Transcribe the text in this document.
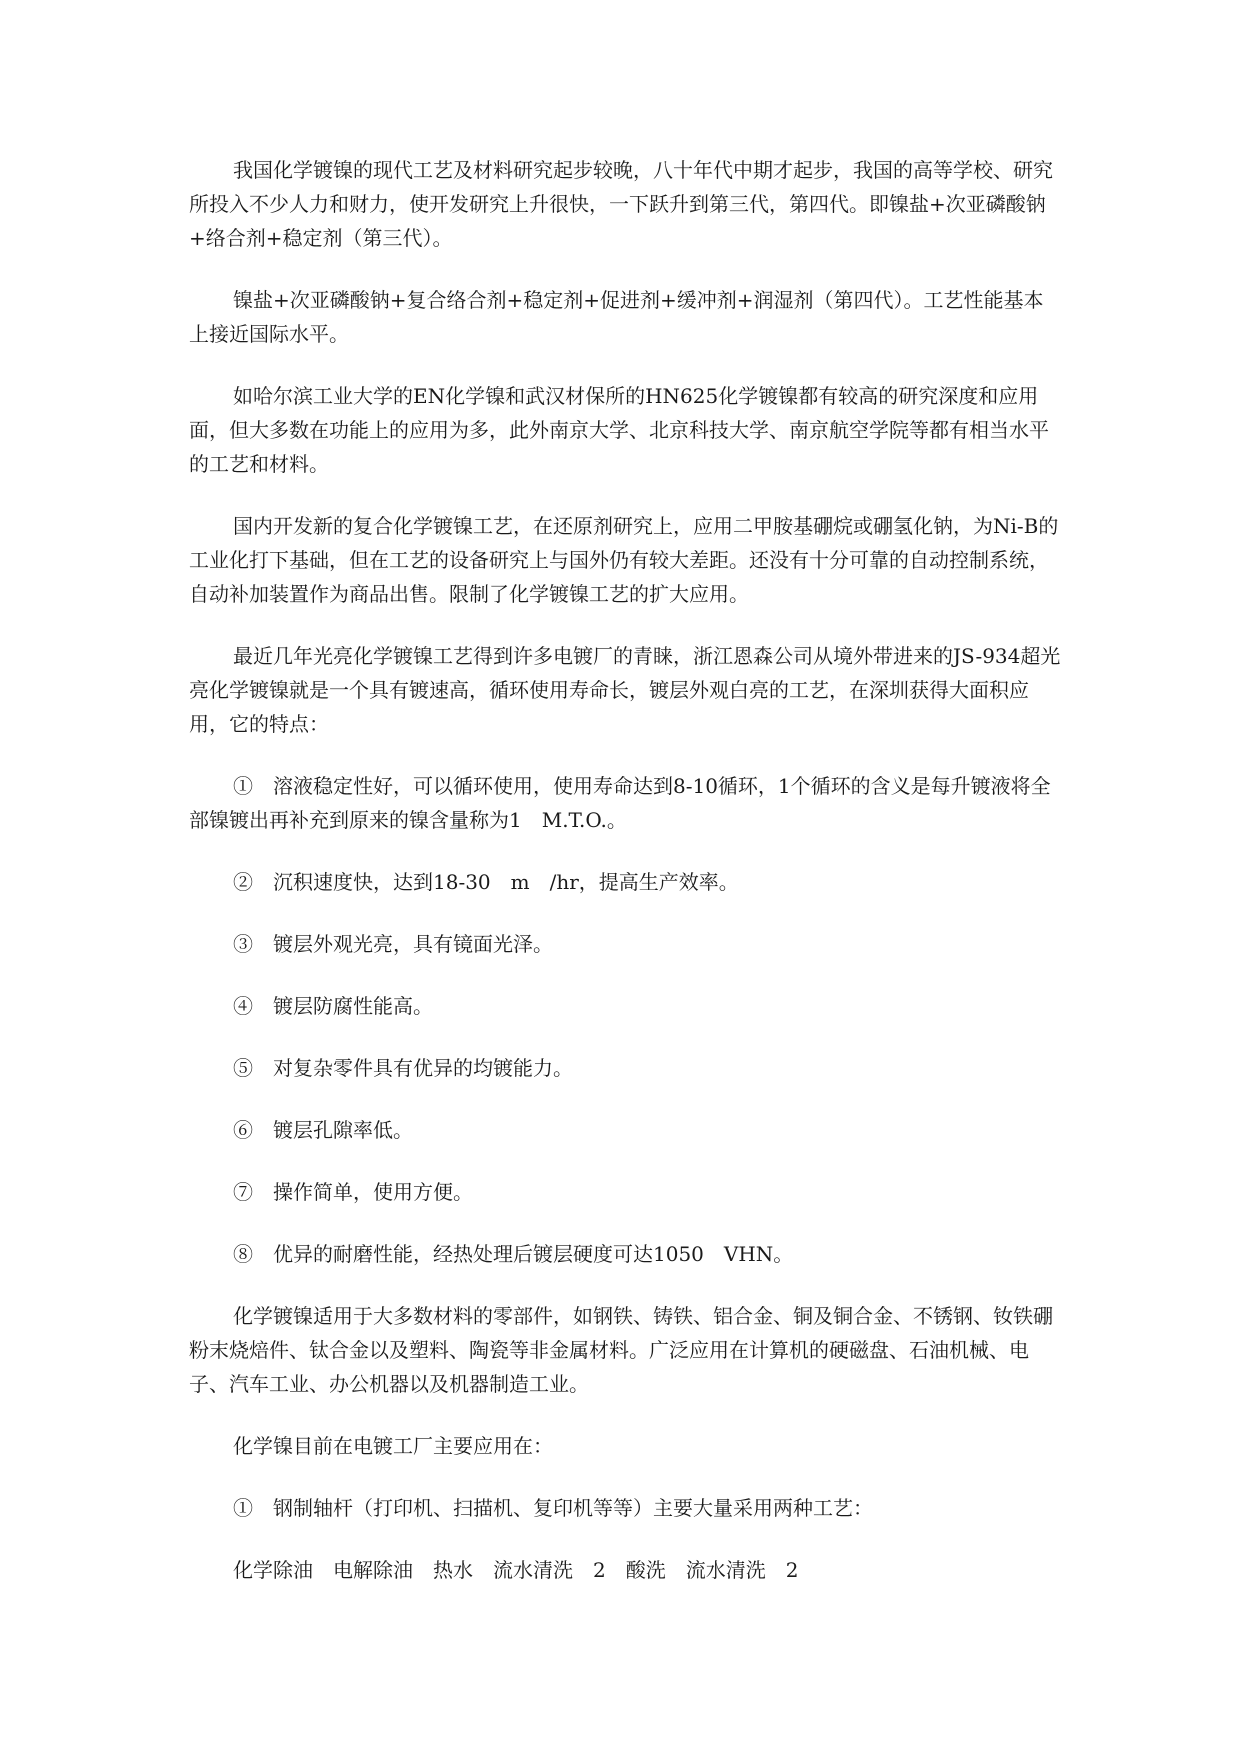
我国化学镀镍的现代工艺及材料研究起步较晚，八十年代中期才起步，我国的高等学校、研究所投入不少人力和财力，使开发研究上升很快，一下跃升到第三代，第四代。即镍盐+次亚磷酸钠+络合剂+稳定剂（第三代）。

镍盐+次亚磷酸钠+复合络合剂+稳定剂+促进剂+缓冲剂+润湿剂（第四代）。工艺性能基本上接近国际水平。

如哈尔滨工业大学的EN化学镍和武汉材保所的HN625化学镀镍都有较高的研究深度和应用面，但大多数在功能上的应用为多，此外南京大学、北京科技大学、南京航空学院等都有相当水平的工艺和材料。

国内开发新的复合化学镀镍工艺，在还原剂研究上，应用二甲胺基硼烷或硼氢化钠，为Ni-B的工业化打下基础，但在工艺的设备研究上与国外仍有较大差距。还没有十分可靠的自动控制系统，自动补加装置作为商品出售。限制了化学镀镍工艺的扩大应用。

最近几年光亮化学镀镍工艺得到许多电镀厂的青睐，浙江恩森公司从境外带进来的JS-934超光亮化学镀镍就是一个具有镀速高，循环使用寿命长，镀层外观白亮的工艺，在深圳获得大面积应用，它的特点：

①　溶液稳定性好，可以循环使用，使用寿命达到8-10循环，1个循环的含义是每升镀液将全部镍镀出再补充到原来的镍含量称为1　M.T.O.。

②　沉积速度快，达到18-30　m　/hr，提高生产效率。

③　镀层外观光亮，具有镜面光泽。

④　镀层防腐性能高。

⑤　对复杂零件具有优异的均镀能力。

⑥　镀层孔隙率低。

⑦　操作简单，使用方便。

⑧　优异的耐磨性能，经热处理后镀层硬度可达1050　VHN。

化学镀镍适用于大多数材料的零部件，如钢铁、铸铁、铝合金、铜及铜合金、不锈钢、钕铁硼粉末烧焙件、钛合金以及塑料、陶瓷等非金属材料。广泛应用在计算机的硬磁盘、石油机械、电子、汽车工业、办公机器以及机器制造工业。

化学镍目前在电镀工厂主要应用在：

①　钢制轴杆（打印机、扫描机、复印机等等）主要大量采用两种工艺：

化学除油　电解除油　热水　流水清洗　2　酸洗　流水清洗　2
